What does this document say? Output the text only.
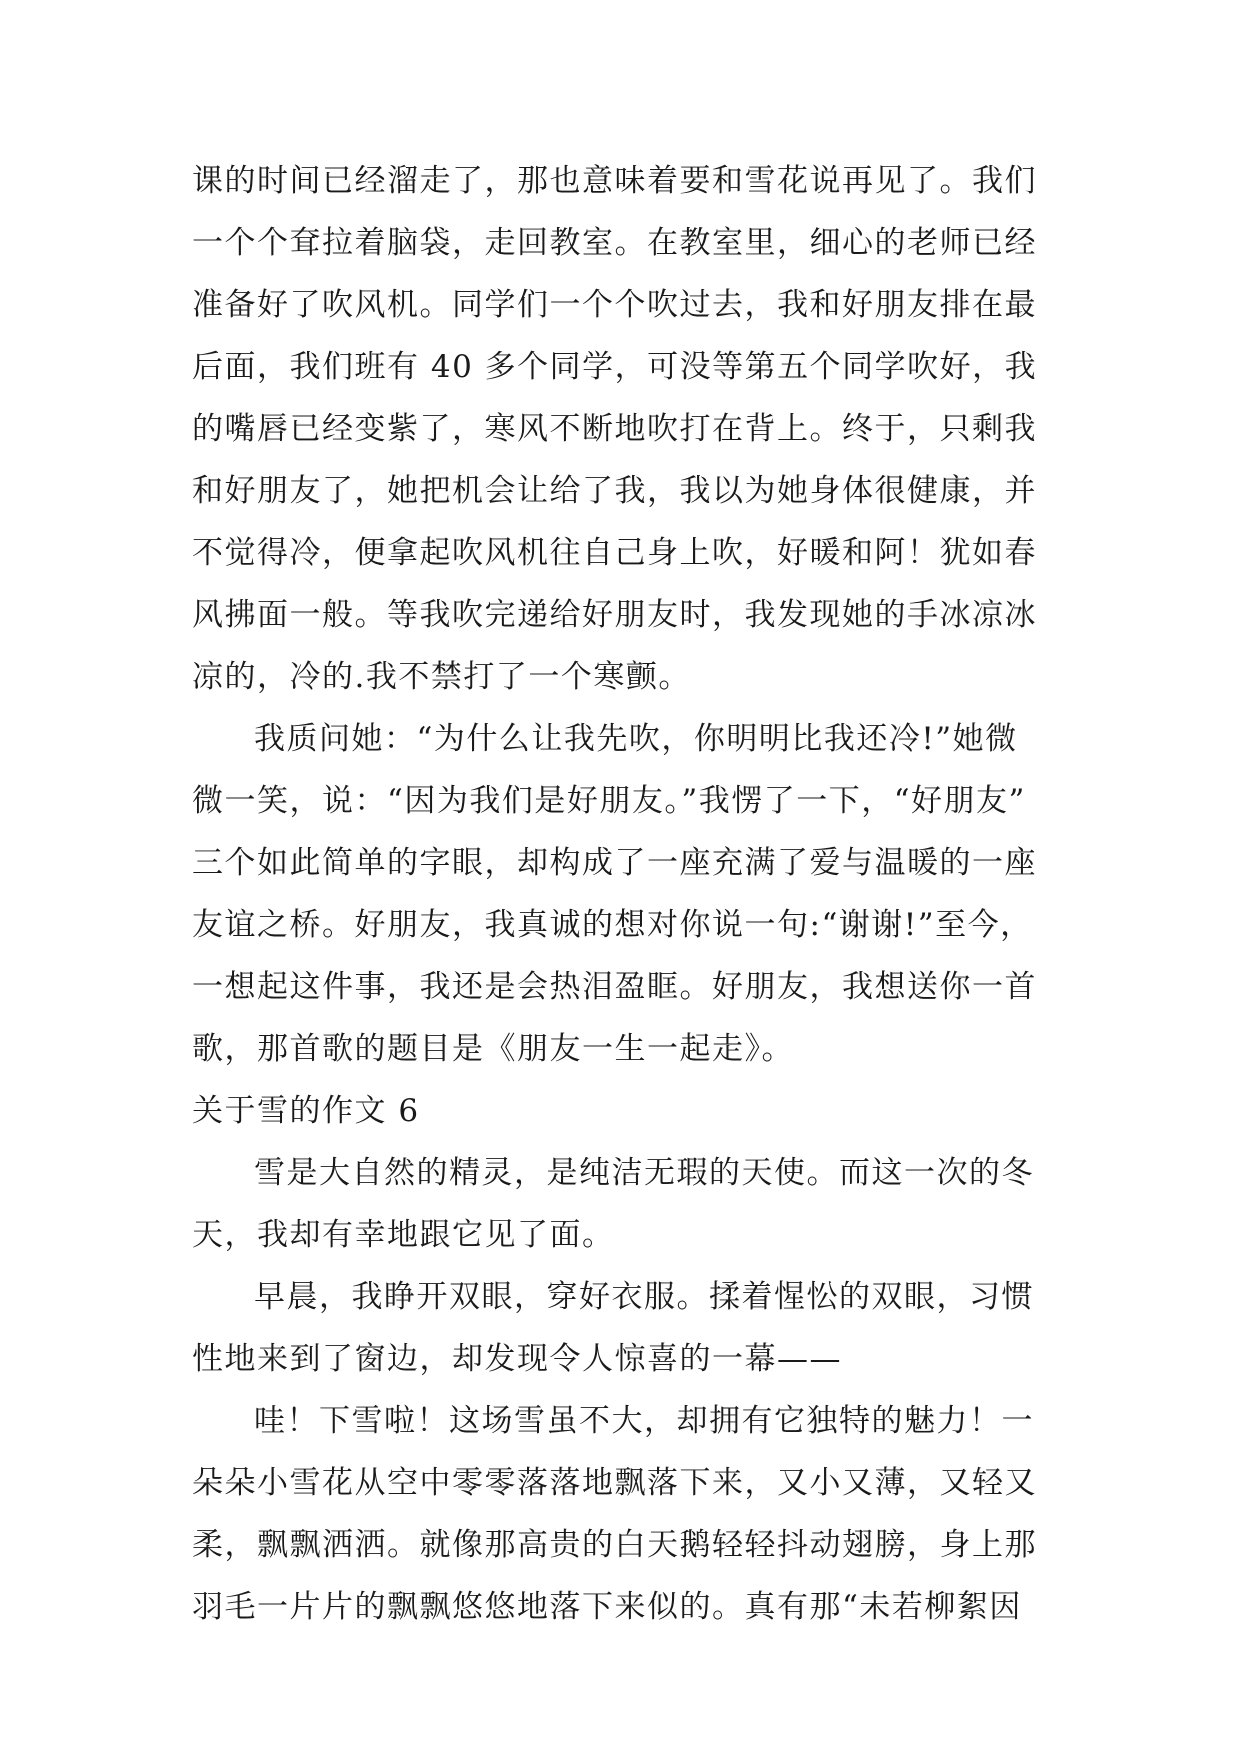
课的时间已经溜走了，那也意味着要和雪花说再见了。我们
一个个耷拉着脑袋，走回教室。在教室里，细心的老师已经
准备好了吹风机。同学们一个个吹过去，我和好朋友排在最
后面，我们班有 40 多个同学，可没等第五个同学吹好，我
的嘴唇已经变紫了，寒风不断地吹打在背上。终于，只剩我
和好朋友了，她把机会让给了我，我以为她身体很健康，并
不觉得冷，便拿起吹风机往自己身上吹，好暖和阿！犹如春
风拂面一般。等我吹完递给好朋友时，我发现她的手冰凉冰
凉的，冷的.我不禁打了一个寒颤。
我质问她：“为什么让我先吹，你明明比我还冷!”她微
微一笑，说：“因为我们是好朋友。”我愣了一下，“好朋友”
三个如此简单的字眼，却构成了一座充满了爱与温暖的一座
友谊之桥。好朋友，我真诚的想对你说一句:“谢谢!”至今，
一想起这件事，我还是会热泪盈眶。好朋友，我想送你一首
歌，那首歌的题目是《朋友一生一起走》。
关于雪的作文 6
雪是大自然的精灵，是纯洁无瑕的天使。而这一次的冬
天，我却有幸地跟它见了面。
早晨，我睁开双眼，穿好衣服。揉着惺忪的双眼，习惯
性地来到了窗边，却发现令人惊喜的一幕——
哇！下雪啦！这场雪虽不大，却拥有它独特的魅力！一
朵朵小雪花从空中零零落落地飘落下来，又小又薄，又轻又
柔，飘飘洒洒。就像那高贵的白天鹅轻轻抖动翅膀，身上那
羽毛一片片的飘飘悠悠地落下来似的。真有那“未若柳絮因
